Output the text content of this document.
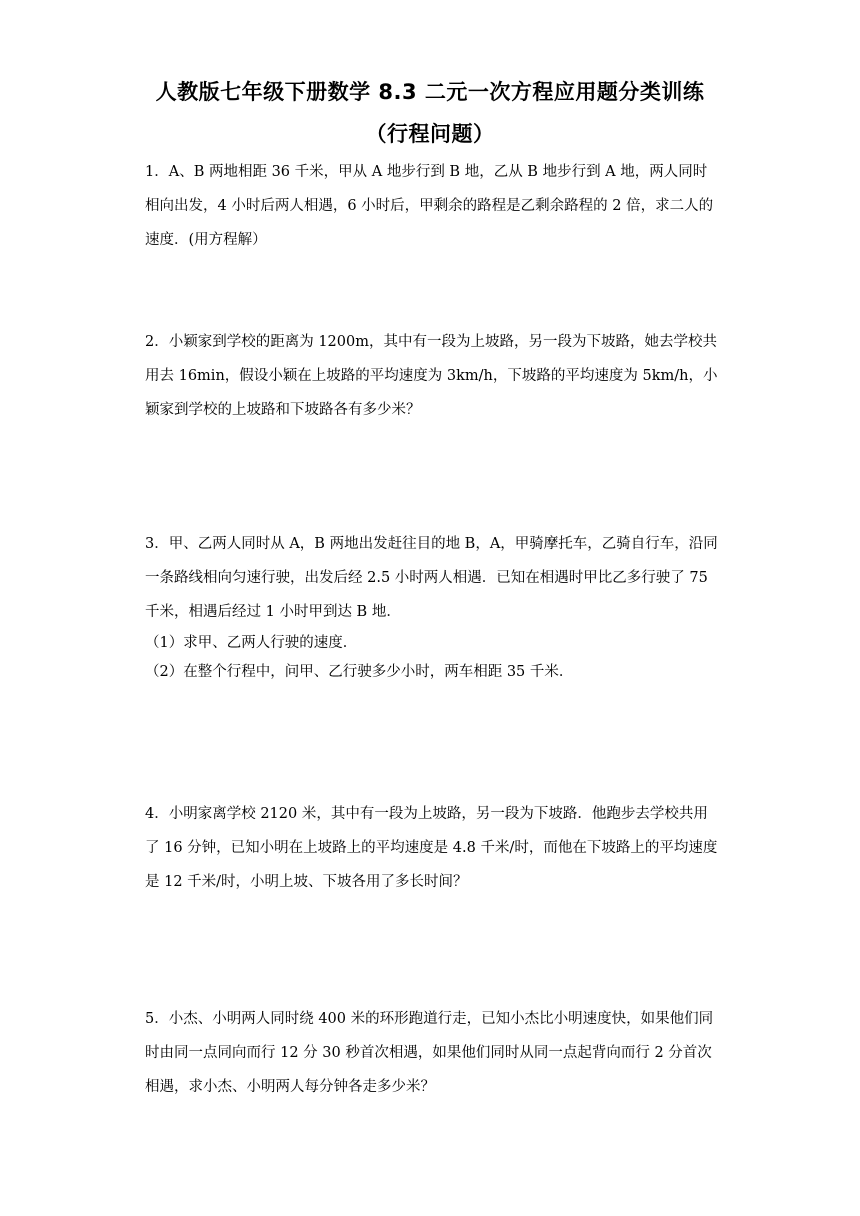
人教版七年级下册数学 8.3 二元一次方程应用题分类训练
（行程问题）

1．A、B 两地相距 36 千米，甲从 A 地步行到 B 地，乙从 B 地步行到 A 地，两人同时相向出发，4 小时后两人相遇，6 小时后，甲剩余的路程是乙剩余路程的 2 倍，求二人的速度．(用方程解）

2．小颖家到学校的距离为 1200m，其中有一段为上坡路，另一段为下坡路，她去学校共用去 16min，假设小颖在上坡路的平均速度为 3km/h，下坡路的平均速度为 5km/h，小颖家到学校的上坡路和下坡路各有多少米？

3．甲、乙两人同时从 A，B 两地出发赶往目的地 B，A，甲骑摩托车，乙骑自行车，沿同一条路线相向匀速行驶，出发后经 2.5 小时两人相遇．已知在相遇时甲比乙多行驶了 75 千米，相遇后经过 1 小时甲到达 B 地．

（1）求甲、乙两人行驶的速度．

（2）在整个行程中，问甲、乙行驶多少小时，两车相距 35 千米．

4．小明家离学校 2120 米，其中有一段为上坡路，另一段为下坡路．他跑步去学校共用了 16 分钟，已知小明在上坡路上的平均速度是 4.8 千米/时，而他在下坡路上的平均速度是 12 千米/时，小明上坡、下坡各用了多长时间？

5．小杰、小明两人同时绕 400 米的环形跑道行走，已知小杰比小明速度快，如果他们同时由同一点同向而行 12 分 30 秒首次相遇，如果他们同时从同一点起背向而行 2 分首次相遇，求小杰、小明两人每分钟各走多少米？
